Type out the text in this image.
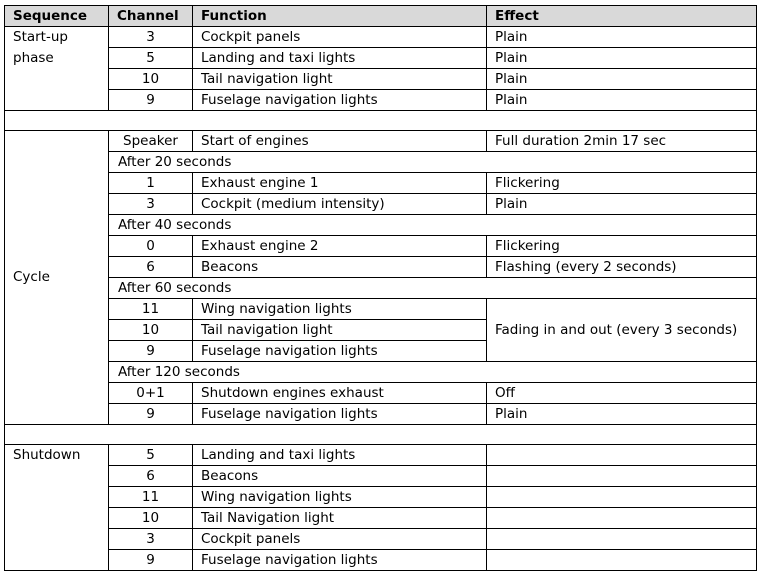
Sequence	Channel	Function	Effect
Start-up phase	3	Cockpit panels	Plain
	5	Landing and taxi lights	Plain
	10	Tail navigation light	Plain
	9	Fuselage navigation lights	Plain

Cycle	Speaker	Start of engines	Full duration 2min 17 sec
	After 20 seconds		
	1	Exhaust engine 1	Flickering
	3	Cockpit (medium intensity)	Plain
	After 40 seconds		
	0	Exhaust engine 2	Flickering
	6	Beacons	Flashing (every 2 seconds)
	After 60 seconds		
	11	Wing navigation lights	Fading in and out (every 3 seconds)
	10	Tail navigation light	
	9	Fuselage navigation lights	
	After 120 seconds		
	0+1	Shutdown engines exhaust	Off
	9	Fuselage navigation lights	Plain

Shutdown	5	Landing and taxi lights	
	6	Beacons	
	11	Wing navigation lights	
	10	Tail Navigation light	
	3	Cockpit panels	
	9	Fuselage navigation lights	
